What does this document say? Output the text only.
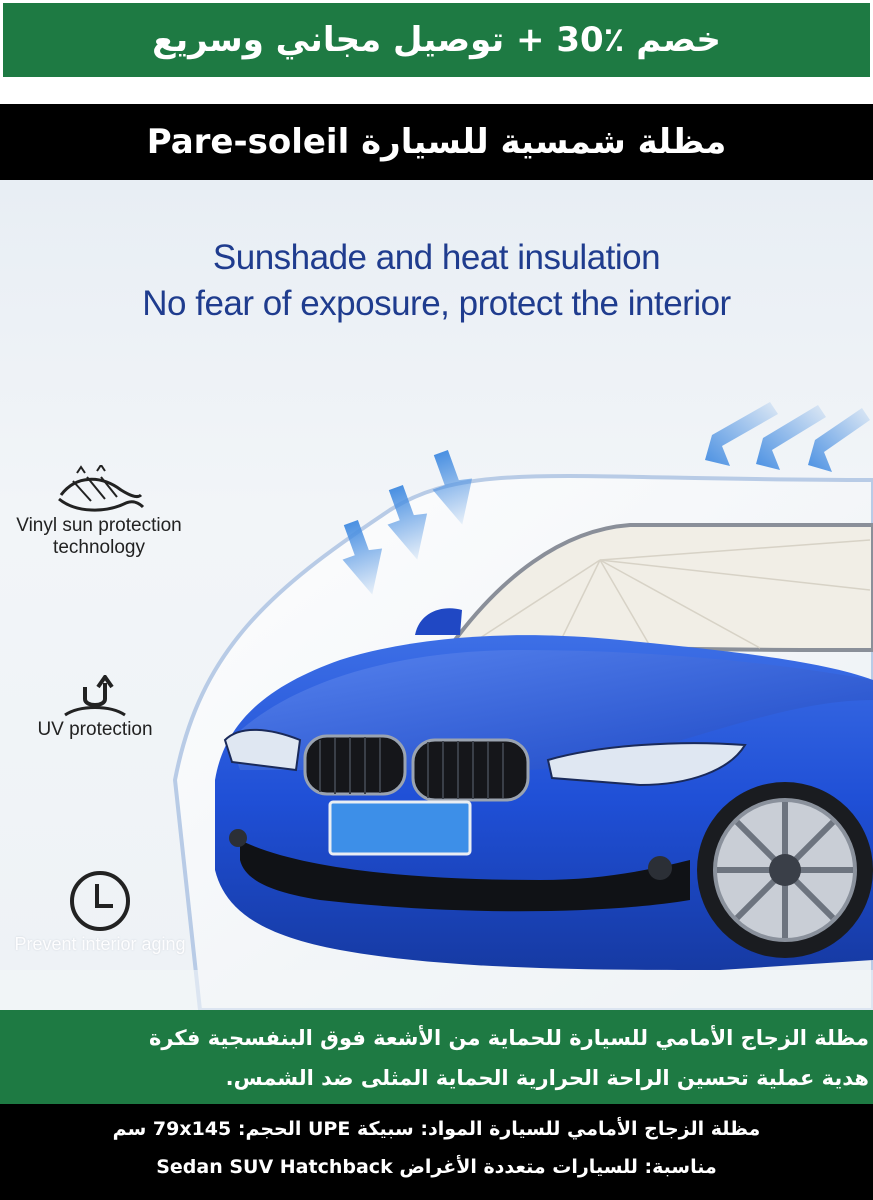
خصم ٪30 + توصيل مجاني وسريع
مظلة شمسية للسيارة Pare-soleil
Sunshade and heat insulation
No fear of exposure, protect the interior
Vinyl sun protection
technology
UV protection
Prevent interior aging
مظلة الزجاج الأمامي للسيارة للحماية من الأشعة فوق البنفسجية فكرة
هدية عملية تحسين الراحة الحرارية الحماية المثلى ضد الشمس.
مظلة الزجاج الأمامي للسيارة المواد: سبيكة UPE الحجم: 79x145 سم
مناسبة: للسيارات متعددة الأغراض Sedan SUV Hatchback
